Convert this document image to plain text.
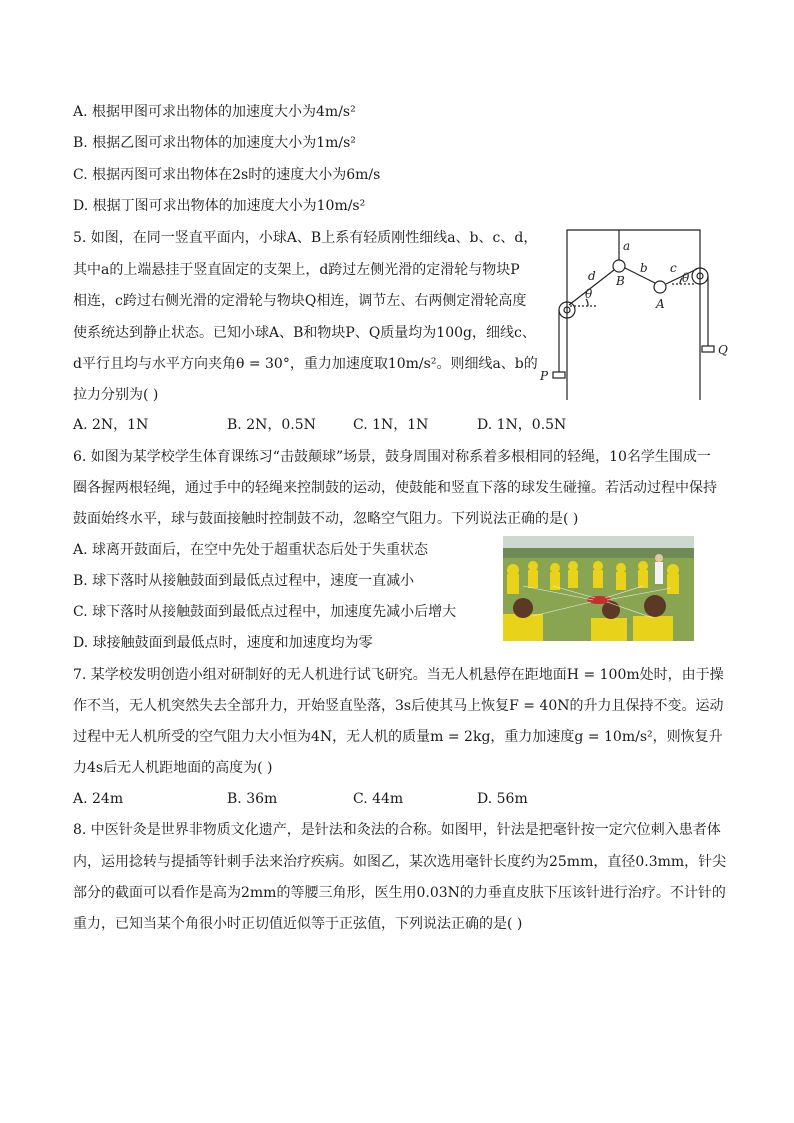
A. 根据甲图可求出物体的加速度大小为4m/s²
B. 根据乙图可求出物体的加速度大小为1m/s²
C. 根据丙图可求出物体在2s时的速度大小为6m/s
D. 根据丁图可求出物体的加速度大小为10m/s²
5. 如图，在同一竖直平面内，小球A、B上系有轻质刚性细线a、b、c、d，
其中a的上端悬挂于竖直固定的支架上，d跨过左侧光滑的定滑轮与物块P
相连，c跨过右侧光滑的定滑轮与物块Q相连，调节左、右两侧定滑轮高度
使系统达到静止状态。已知小球A、B和物块P、Q质量均为100g，细线c、
d平行且均与水平方向夹角θ = 30°，重力加速度取10m/s²。则细线a、b的
拉力分别为( )
A. 2N，1N	B. 2N，0.5N	C. 1N，1N	D. 1N，0.5N
a
b c
d B
A
θ
θ
P
Q
6. 如图为某学校学生体育课练习“击鼓颠球”场景，鼓身周围对称系着多根相同的轻绳，10名学生围成一
圈各握两根轻绳，通过手中的轻绳来控制鼓的运动，使鼓能和竖直下落的球发生碰撞。若活动过程中保持
鼓面始终水平，球与鼓面接触时控制鼓不动，忽略空气阻力。下列说法正确的是( )
A. 球离开鼓面后，在空中先处于超重状态后处于失重状态
B. 球下落时从接触鼓面到最低点过程中，速度一直减小
C. 球下落时从接触鼓面到最低点过程中，加速度先减小后增大
D. 球接触鼓面到最低点时，速度和加速度均为零
7. 某学校发明创造小组对研制好的无人机进行试飞研究。当无人机悬停在距地面H = 100m处时，由于操
作不当，无人机突然失去全部升力，开始竖直坠落，3s后使其马上恢复F = 40N的升力且保持不变。运动
过程中无人机所受的空气阻力大小恒为4N，无人机的质量m = 2kg，重力加速度g = 10m/s²，则恢复升
力4s后无人机距地面的高度为( )
A. 24m	B. 36m	C. 44m	D. 56m
8. 中医针灸是世界非物质文化遗产，是针法和灸法的合称。如图甲，针法是把毫针按一定穴位刺入患者体
内，运用捻转与提插等针刺手法来治疗疾病。如图乙，某次选用毫针长度约为25mm，直径0.3mm，针尖
部分的截面可以看作是高为2mm的等腰三角形，医生用0.03N的力垂直皮肤下压该针进行治疗。不计针的
重力，已知当某个角很小时正切值近似等于正弦值，下列说法正确的是( )
